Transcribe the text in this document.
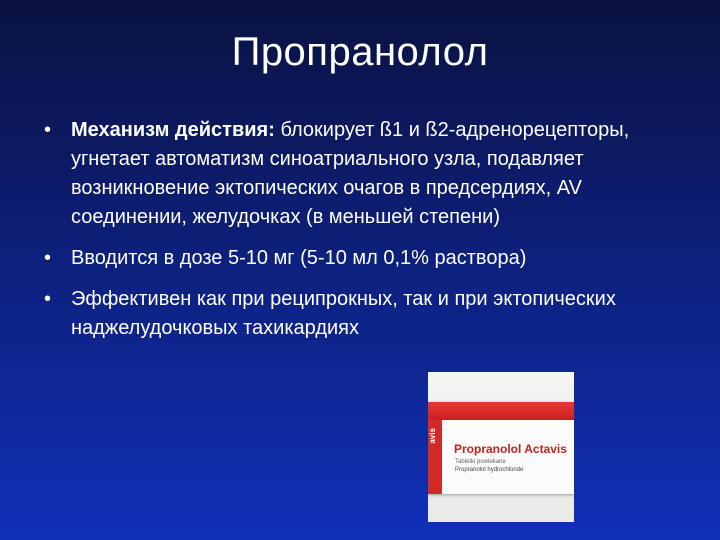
Пропранолол
• Механизм действия: блокирует ß1 и ß2-адренорецепторы, угнетает автоматизм синоатриального узла, подавляет возникновение эктопических очагов в предсердиях, AV соединении, желудочках (в меньшей степени)
• Вводится в дозе 5-10 мг (5-10 мл 0,1% раствора)
• Эффективен как при реципрокных, так и при эктопических наджелудочковых тахикардиях
avis
Propranolol Actavis
Tabletki powlekane
Propranolol hydrochloride
